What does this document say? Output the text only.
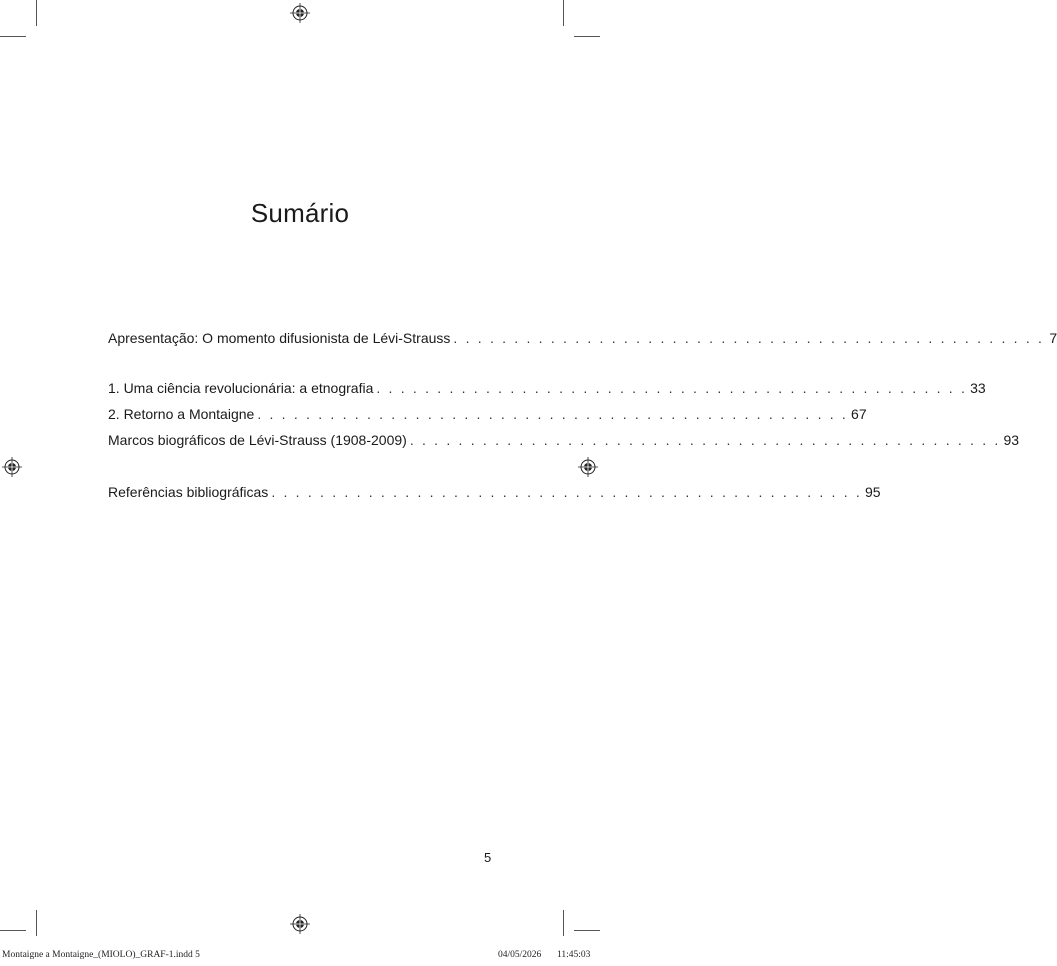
Sumário
Apresentação: O momento difusionista de Lévi-Strauss . . . . . . . . . . . . . . . . . . . . . . . . . . . . . . . . . . . . . . . . . . . . . . . . . 7
1. Uma ciência revolucionária: a etnografia . . . . . . . . . . . . . . . . . . . . . . . . . . . . . . . . . . . . . . . . . . . . . . . . . 33
2. Retorno a Montaigne . . . . . . . . . . . . . . . . . . . . . . . . . . . . . . . . . . . . . . . . . . . . . . . . . 67
Marcos biográficos de Lévi-Strauss (1908-2009) . . . . . . . . . . . . . . . . . . . . . . . . . . . . . . . . . . . . . . . . . . . . . . . . . 93
Referências bibliográficas . . . . . . . . . . . . . . . . . . . . . . . . . . . . . . . . . . . . . . . . . . . . . . . . . 95
5
Montaigne a Montaigne_(MIOLO)_GRAF-1.indd 5	04/05/2026 11:45:03
